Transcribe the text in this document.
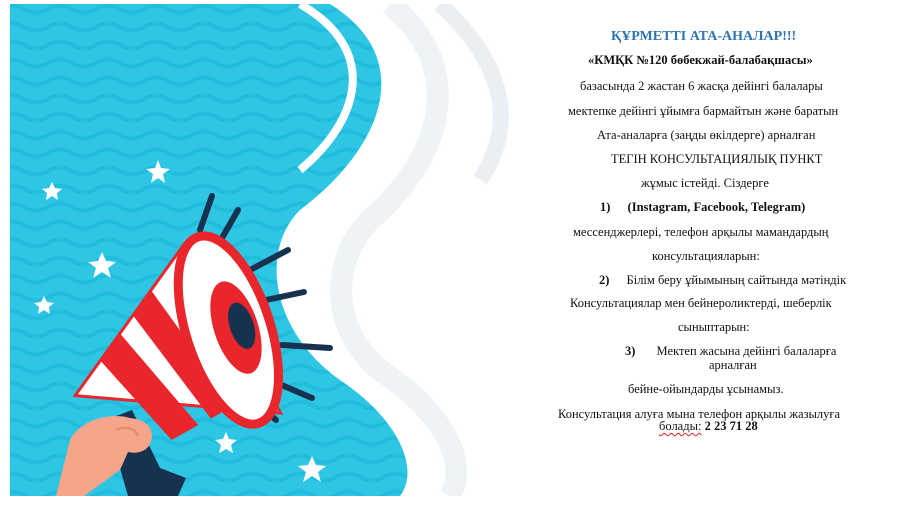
ҚҰРМЕТТІ АТА-АНАЛАР!!!
«КМҚК №120 бөбекжай-балабақшасы»
базасында 2 жастан 6 жасқа дейінгі балалары
мектепке дейінгі ұйымға бармайтын және баратын
Ата-аналарға (заңды өкілдерге) арналған
ТЕГІН КОНСУЛЬТАЦИЯЛЫҚ ПУНКТ
жұмыс істейді. Сіздерге
1) (Instagram, Facebook, Telegram)
мессенджерлері, телефон арқылы мамандардың
консультацияларын:
2) Білім беру ұйымының сайтында мәтіндік
Консультациялар мен бейнероликтерді, шеберлік
сыныптарын:
3) Мектеп жасына дейінгі балаларға
арналған
бейне-ойындарды ұсынамыз.
Консультация алуға мына телефон арқылы жазылуға
болады: 2 23 71 28
